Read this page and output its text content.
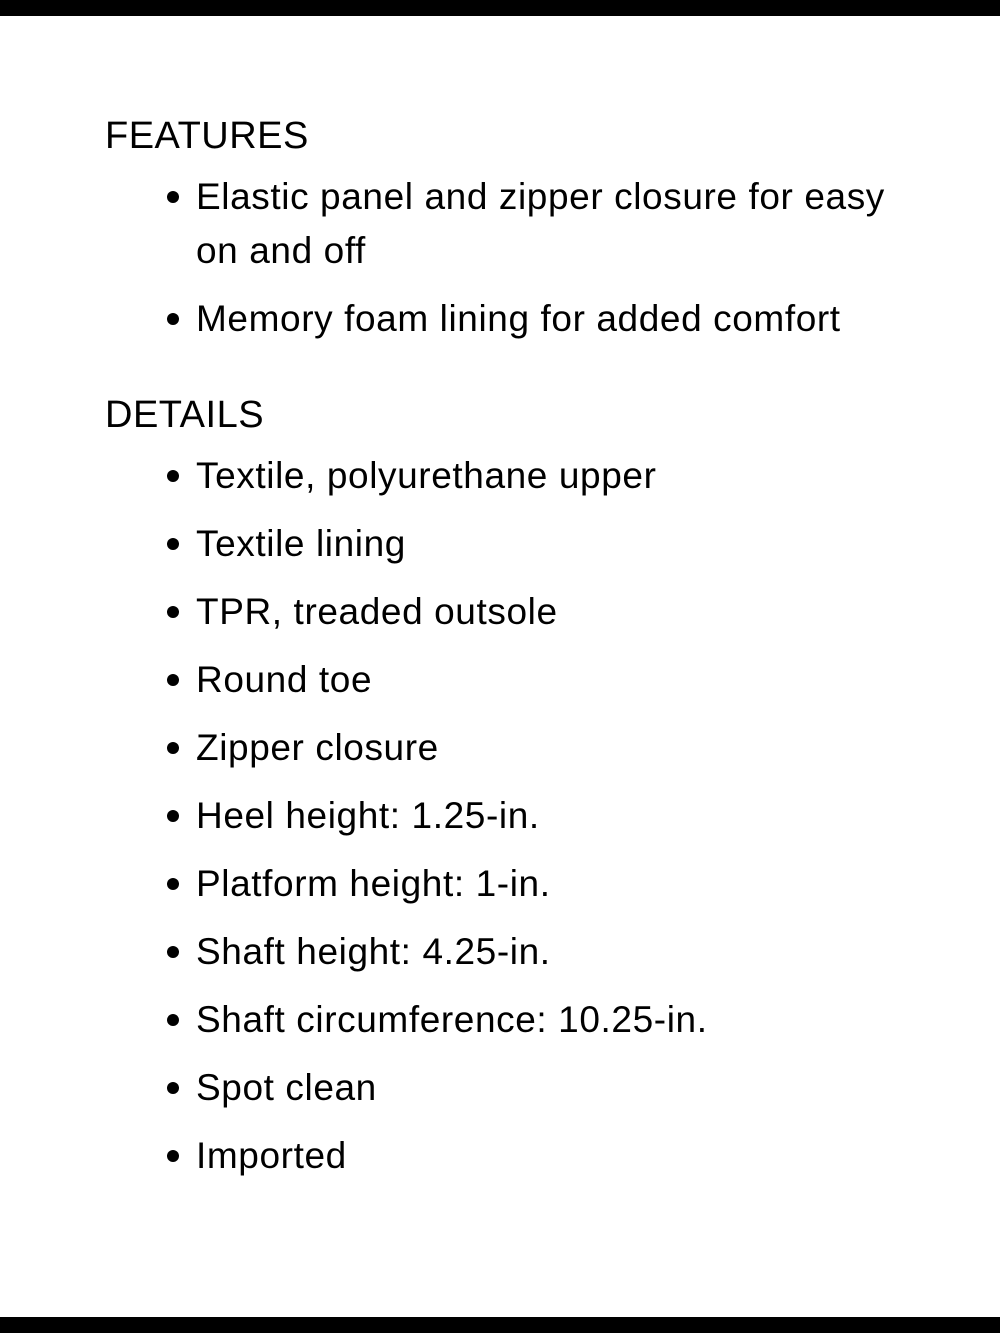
FEATURES
Elastic panel and zipper closure for easy on and off
Memory foam lining for added comfort
DETAILS
Textile, polyurethane upper
Textile lining
TPR, treaded outsole
Round toe
Zipper closure
Heel height: 1.25-in.
Platform height: 1-in.
Shaft height: 4.25-in.
Shaft circumference: 10.25-in.
Spot clean
Imported
